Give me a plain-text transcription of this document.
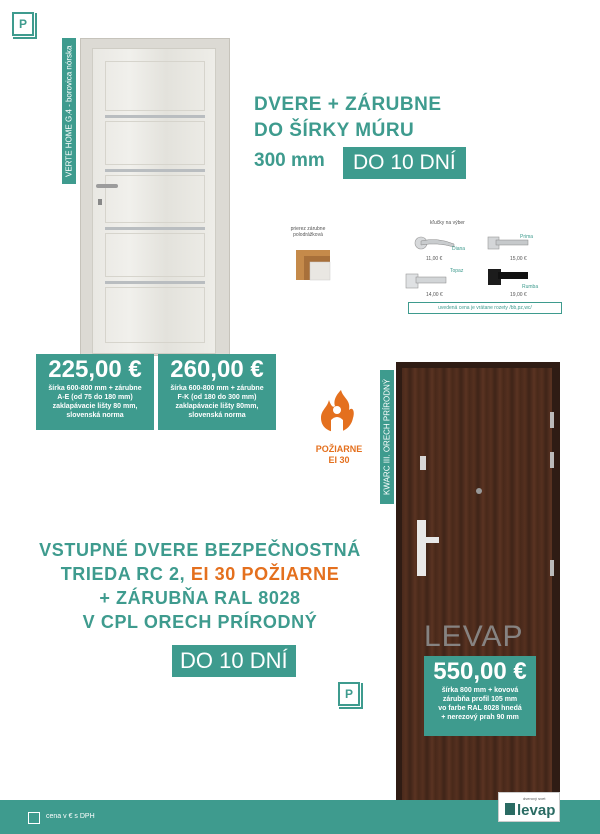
P
VERTE HOME G.4 - borovica nórska	DVERE + ZÁRUBNE
DO ŠÍRKY MÚRU
300 mm	DO 10 DNÍ
prierez zárubne polodrážková
kľučky na výber
Diana
11,00 €
Prima
15,00 €
Topaz
14,00 €
Rumba
19,00 €
uvedená cena je vrátane rozety /bb,pz,wc/
225,00 €
šírka 600-800 mm + zárubne
A-E (od 75 do 180 mm)
zaklapávacie lišty 80 mm,
slovenská norma
260,00 €
šírka 600-800 mm + zárubne
F-K (od 180 do 300 mm)
zaklapávacie lišty 80mm,
slovenská norma
POŽIARNE
EI 30
LEVAP
KWARC III. ORECH PRÍRODNÝ
VSTUPNÉ DVERE BEZPEČNOSTNÁ
TRIEDA RC 2, EI 30 POŽIARNE
+ ZÁRUBŇA RAL 8028
V CPL ORECH PRÍRODNÝ
DO 10 DNÍ
P
550,00 €
šírka 800 mm + kovová
zárubňa profil 105 mm
vo farbe RAL 8028 hnedá
+ nerezový prah 90 mm
cena v € s DPH
dverový svet
levap
